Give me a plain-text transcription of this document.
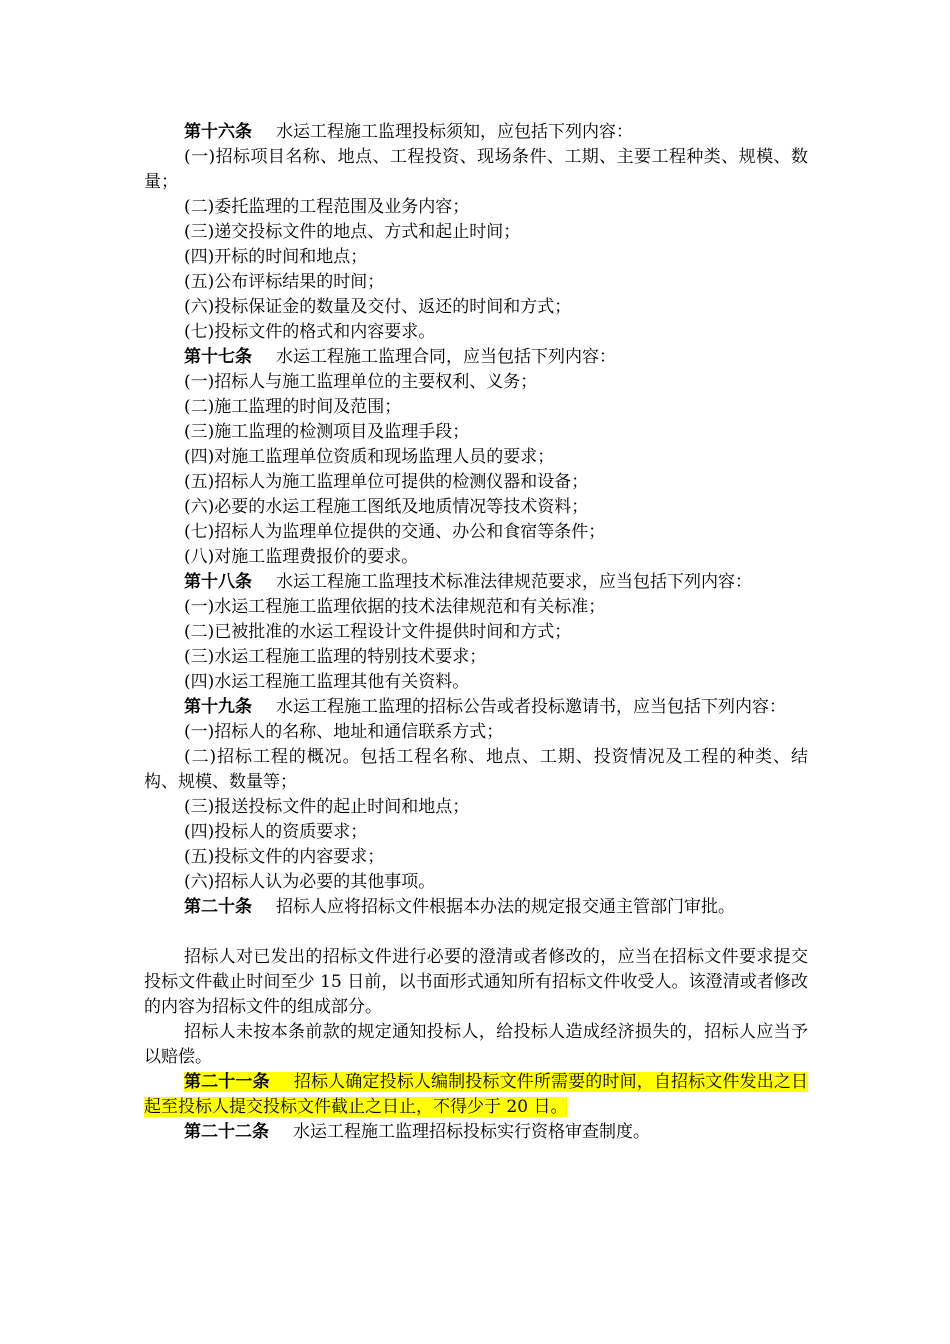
第十六条 水运工程施工监理投标须知，应包括下列内容：

(一)招标项目名称、地点、工程投资、现场条件、工期、主要工程种类、规模、数量；

(二)委托监理的工程范围及业务内容；

(三)递交投标文件的地点、方式和起止时间；

(四)开标的时间和地点；

(五)公布评标结果的时间；

(六)投标保证金的数量及交付、返还的时间和方式；

(七)投标文件的格式和内容要求。

第十七条 水运工程施工监理合同，应当包括下列内容：

(一)招标人与施工监理单位的主要权利、义务；

(二)施工监理的时间及范围；

(三)施工监理的检测项目及监理手段；

(四)对施工监理单位资质和现场监理人员的要求；

(五)招标人为施工监理单位可提供的检测仪器和设备；

(六)必要的水运工程施工图纸及地质情况等技术资料；

(七)招标人为监理单位提供的交通、办公和食宿等条件；

(八)对施工监理费报价的要求。

第十八条 水运工程施工监理技术标准法律规范要求，应当包括下列内容：

(一)水运工程施工监理依据的技术法律规范和有关标准；

(二)已被批准的水运工程设计文件提供时间和方式；

(三)水运工程施工监理的特别技术要求；

(四)水运工程施工监理其他有关资料。

第十九条 水运工程施工监理的招标公告或者投标邀请书，应当包括下列内容：

(一)招标人的名称、地址和通信联系方式；

(二)招标工程的概况。包括工程名称、地点、工期、投资情况及工程的种类、结构、规模、数量等；

(三)报送投标文件的起止时间和地点；

(四)投标人的资质要求；

(五)投标文件的内容要求；

(六)招标人认为必要的其他事项。

第二十条 招标人应将招标文件根据本办法的规定报交通主管部门审批。

招标人对已发出的招标文件进行必要的澄清或者修改的，应当在招标文件要求提交投标文件截止时间至少 15 日前，以书面形式通知所有招标文件收受人。该澄清或者修改的内容为招标文件的组成部分。

招标人未按本条前款的规定通知投标人，给投标人造成经济损失的，招标人应当予以赔偿。

第二十一条 招标人确定投标人编制投标文件所需要的时间，自招标文件发出之日起至投标人提交投标文件截止之日止，不得少于 20 日。

第二十二条 水运工程施工监理招标投标实行资格审查制度。
